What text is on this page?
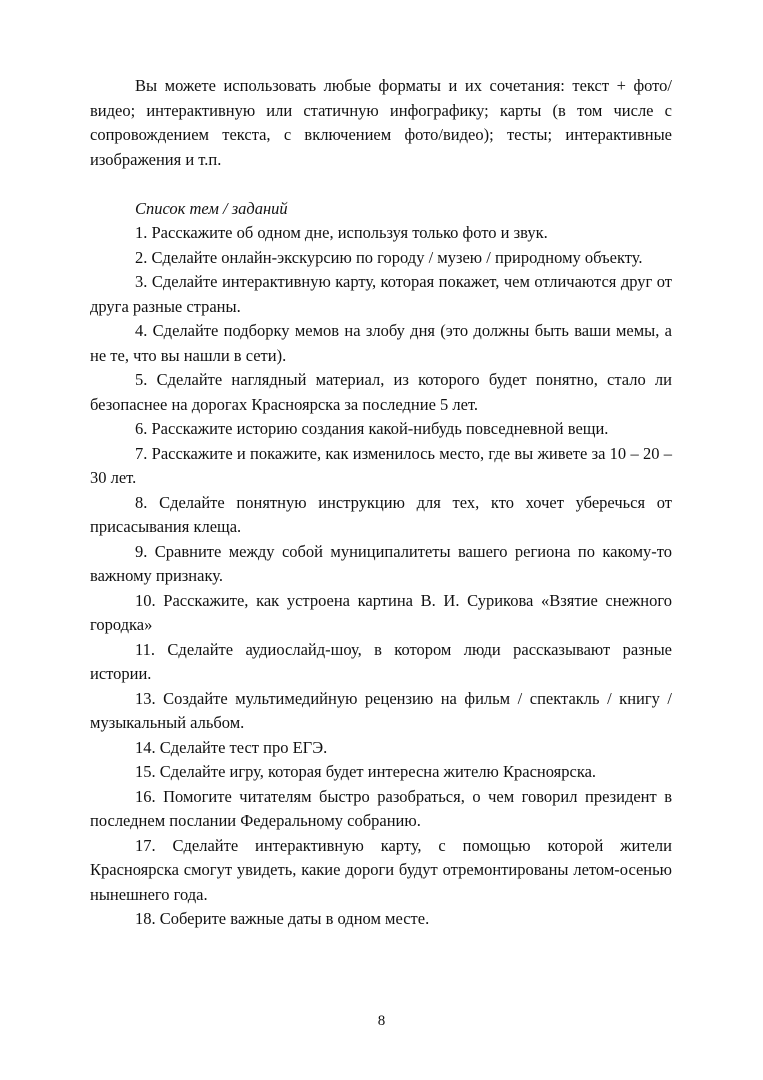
Вы можете использовать любые форматы и их сочетания: текст + фото/видео; интерактивную или статичную инфографику; карты (в том числе с сопровождением текста, с включением фото/видео); тесты; интерактивные изображения и т.п.

Список тем / заданий

1. Расскажите об одном дне, используя только фото и звук.

2. Сделайте онлайн-экскурсию по городу / музею / природному объекту.

3. Сделайте интерактивную карту, которая покажет, чем отличаются друг от друга разные страны.

4. Сделайте подборку мемов на злобу дня (это должны быть ваши мемы, а не те, что вы нашли в сети).

5. Сделайте наглядный материал, из которого будет понятно, стало ли безопаснее на дорогах Красноярска за последние 5 лет.

6. Расскажите историю создания какой-нибудь повседневной вещи.

7. Расскажите и покажите, как изменилось место, где вы живете за 10 – 20 – 30 лет.

8. Сделайте понятную инструкцию для тех, кто хочет уберечься от присасывания клеща.

9. Сравните между собой муниципалитеты вашего региона по какому-то важному признаку.

10. Расскажите, как устроена картина В. И. Сурикова «Взятие снежного городка»

11. Сделайте аудиослайд-шоу, в котором люди рассказывают разные истории.

13. Создайте мультимедийную рецензию на фильм / спектакль / книгу / музыкальный альбом.

14. Сделайте тест про ЕГЭ.

15. Сделайте игру, которая будет интересна жителю Красноярска.

16. Помогите читателям быстро разобраться, о чем говорил президент в последнем послании Федеральному собранию.

17. Сделайте интерактивную карту, с помощью которой жители Красноярска смогут увидеть, какие дороги будут отремонтированы летом-осенью нынешнего года.

18. Соберите важные даты в одном месте.

8
